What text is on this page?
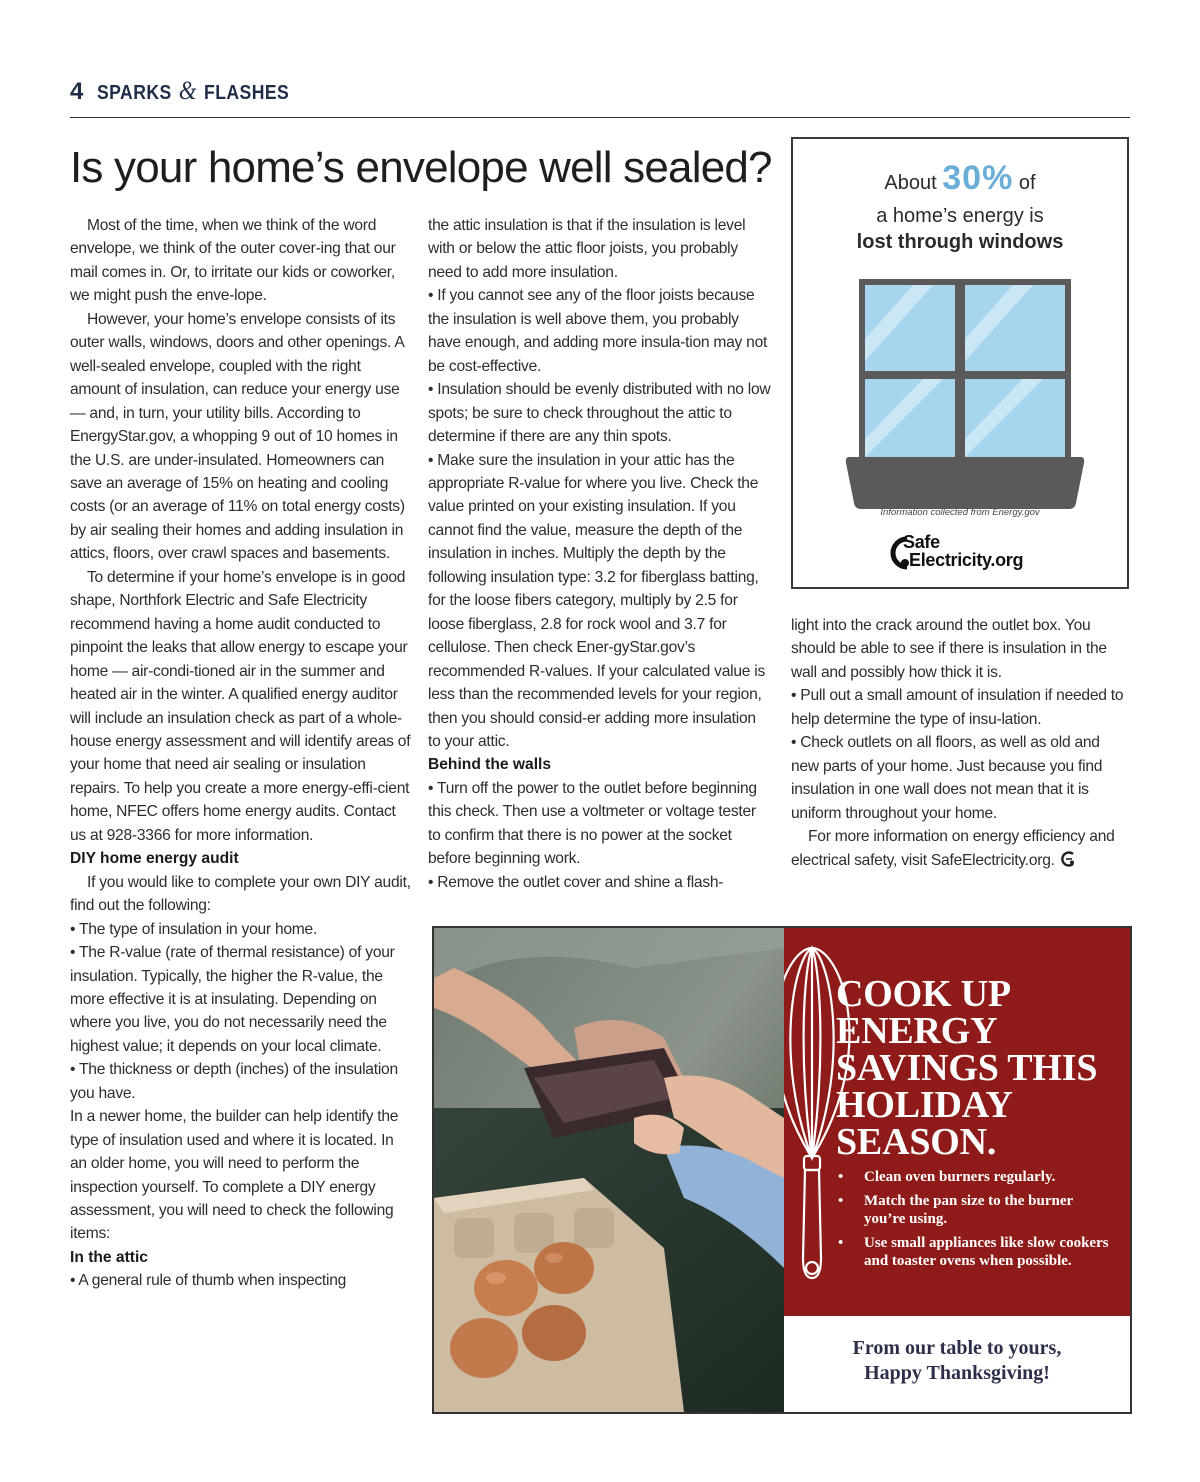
4 SPARKS & FLASHES
Is your home’s envelope well sealed?

Most of the time, when we think of the word envelope, we think of the outer cover-ing that our mail comes in. Or, to irritate our kids or coworker, we might push the enve-lope.

However, your home’s envelope consists of its outer walls, windows, doors and other openings. A well-sealed envelope, coupled with the right amount of insulation, can reduce your energy use — and, in turn, your utility bills. According to EnergyStar.gov, a whopping 9 out of 10 homes in the U.S. are under-insulated. Homeowners can save an average of 15% on heating and cooling costs (or an average of 11% on total energy costs) by air sealing their homes and adding insulation in attics, floors, over crawl spaces and basements.

To determine if your home’s envelope is in good shape, Northfork Electric and Safe Electricity recommend having a home audit conducted to pinpoint the leaks that allow energy to escape your home — air-condi-tioned air in the summer and heated air in the winter. A qualified energy auditor will include an insulation check as part of a whole-house energy assessment and will identify areas of your home that need air sealing or insulation repairs. To help you create a more energy-effi-cient home, NFEC offers home energy audits. Contact us at 928-3366 for more information.

DIY home energy audit

If you would like to complete your own DIY audit, find out the following:

• The type of insulation in your home.

• The R-value (rate of thermal resistance) of your insulation. Typically, the higher the R-value, the more effective it is at insulating. Depending on where you live, you do not necessarily need the highest value; it depends on your local climate.

• The thickness or depth (inches) of the insulation you have.

In a newer home, the builder can help identify the type of insulation used and where it is located. In an older home, you will need to perform the inspection yourself. To complete a DIY energy assessment, you will need to check the following items:

In the attic

• A general rule of thumb when inspecting

the attic insulation is that if the insulation is level with or below the attic floor joists, you probably need to add more insulation.

• If you cannot see any of the floor joists because the insulation is well above them, you probably have enough, and adding more insula-tion may not be cost-effective.

• Insulation should be evenly distributed with no low spots; be sure to check throughout the attic to determine if there are any thin spots.

• Make sure the insulation in your attic has the appropriate R-value for where you live. Check the value printed on your existing insulation. If you cannot find the value, measure the depth of the insulation in inches. Multiply the depth by the following insulation type: 3.2 for fiberglass batting, for the loose fibers category, multiply by 2.5 for loose fiberglass, 2.8 for rock wool and 3.7 for cellulose. Then check Ener-gyStar.gov’s recommended R-values. If your calculated value is less than the recommended levels for your region, then you should consid-er adding more insulation to your attic.

Behind the walls

• Turn off the power to the outlet before beginning this check. Then use a voltmeter or voltage tester to confirm that there is no power at the socket before beginning work.

• Remove the outlet cover and shine a flash-

light into the crack around the outlet box. You should be able to see if there is insulation in the wall and possibly how thick it is.

• Pull out a small amount of insulation if needed to help determine the type of insu-lation.

• Check outlets on all floors, as well as old and new parts of your home. Just because you find insulation in one wall does not mean that it is uniform throughout your home.

For more information on energy efficiency and electrical safety, visit SafeElectricity.org.

About 30% of
a home’s energy is
lost through windows
Information collected from Energy.gov
Safe
Electricity.org
COOK UP
ENERGY
SAVINGS THIS
HOLIDAY
SEASON.
• Clean oven burners regularly.
• Match the pan size to the burner you’re using.
• Use small appliances like slow cookers and toaster ovens when possible.
From our table to yours,
Happy Thanksgiving!
